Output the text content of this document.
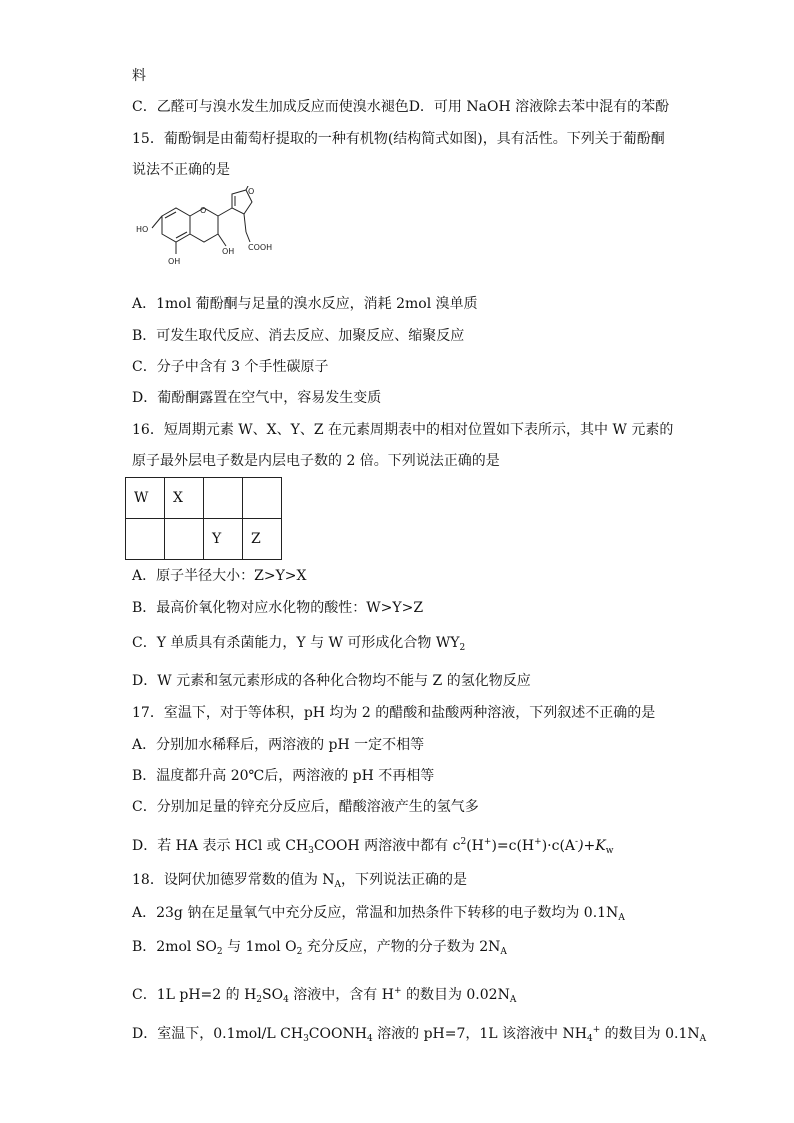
料
C．乙醛可与溴水发生加成反应而使溴水褪色D．可用 NaOH 溶液除去苯中混有的苯酚
15．葡酚铜是由葡萄杍提取的一种有机物(结构简式如图)，具有活性。下列关于葡酚酮
说法不正确的是
HO
O
OH
OH COOH
O
A．1mol 葡酚酮与足量的溴水反应，消耗 2mol 溴单质
B．可发生取代反应、消去反应、加聚反应、缩聚反应
C．分子中含有 3 个手性碳原子
D．葡酚酮露置在空气中，容易发生变质
16．短周期元素 W、X、Y、Z 在元素周期表中的相对位置如下表所示，其中 W 元素的
原子最外层电子数是内层电子数的 2 倍。下列说法正确的是
W	X		
		Y	Z
A．原子半径大小：Z>Y>X
B．最高价氧化物对应水化物的酸性：W>Y>Z
C．Y 单质具有杀菌能力，Y 与 W 可形成化合物 $WY_2$
D．W 元素和氢元素形成的各种化合物均不能与 Z 的氢化物反应
17．室温下，对于等体积，pH 均为 2 的醋酸和盐酸两种溶液，下列叙述不正确的是
A．分别加水稀释后，两溶液的 pH 一定不相等
B．温度都升高 20℃后，两溶液的 pH 不再相等
C．分别加足量的锌充分反应后，醋酸溶液产生的氢气多
D．若 HA 表示 HCl 或 $CH_3COOH$ 两溶液中都有 $c^2(H^+)=c(H^+)\cdot c(A^-)+K_w$
18．设阿伏加德罗常数的值为 $N_A$，下列说法正确的是
A．23g 钠在足量氧气中充分反应，常温和加热条件下转移的电子数均为 $0.1N_A$
B．2mol $SO_2$ 与 1mol $O_2$ 充分反应，产物的分子数为 $2N_A$
C．1L pH=2 的 $H_2SO_4$ 溶液中，含有 H+ 的数目为 $0.02N_A$
D．室温下，0.1mol/L $CH_3COONH_4$ 溶液的 pH=7，1L 该溶液中 $NH_4^+$ 的数目为 $0.1N_A$
